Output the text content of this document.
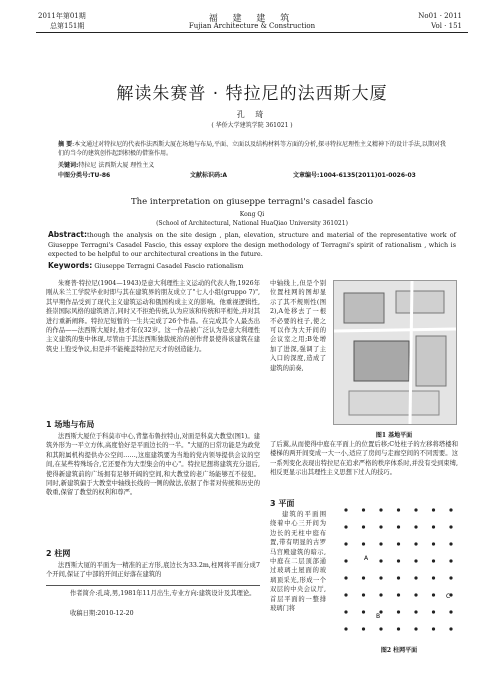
2011年第01期
总第151期
福 建 建 筑
Fujian Architecture & Construction
No01 · 2011
Vol · 151
解读朱赛普 · 特拉尼的法西斯大厦
孔 琦
( 华侨大学建筑学院 361021 )
摘 要:本文通过对特拉尼的代表作法西斯大厦在场地与布局,平面、立面以及结构材料等方面的分析,探寻特拉尼理性主义精神下的设计手法,以期对我们的当今的建筑创作起到积极的借鉴作用。
关键词:特拉尼 法西斯大厦 理性主义
中图分类号:TU-86	文献标识码:A	文章编号:1004-6135(2011)01-0026-03
The interpretation on giuseppe terragni's casadel fascio
Kong Qi
(School of Architectural, National HuaQiao University 361021)
Abstract:though the analysis on the site design , plan, elevation, structure and material of the representative work of Giuseppe Terragni's Casadel Fascio, this essay explore the design methodology of Terragni's spirit of rationalism , which is expected to be helpful to our architectural creations in the future.
Keywords: Giuseppe Terragni Casadel Fascio rationalism
朱赛普·特拉尼(1904—1943)是意大利理性主义运动的代表人物,1926年刚从米兰工学院毕业时即与其在建筑界的朋友成立了"七人小组(gruppo 7)",其早期作品受到了现代主义建筑运动和俄国构成主义的影响。他重视逻辑性,推崇国际风格的建筑语言,同时又不拒绝传统,认为应该和传统和平相处,并对其进行重新阐释。特拉尼短暂的一生共完成了26个作品。在完成其个人最杰出的作品——法西斯大厦时,他才年仅32岁。这一作品被广泛认为是意大利理性主义建筑的集中体现,尽管由于其法西斯独裁统治的创作背景使得该建筑在建筑史上饱受争议,但是并不能掩盖特拉尼天才的创造能力。
1 场地与布局
法西斯大厦位于科莫市中心,背靠布鲁拉特山,对面是科莫大教堂(图1)。建筑外形为一平立方体,高度恰好是平面边长的一半。"大厦的日常功能是为政党和其附属机构提供办公空间……,这座建筑要为当地的党内领导提供会议的空间,在某些特殊场合,它还要作为大型集会的中心"。特拉尼想将建筑充分退后,使得新建筑前的广场拥有足够开阔的空间,和大教堂的老广场能够互不侵犯。同时,新建筑偏于大教堂中轴线长线的一侧的做法,依据了作者对传统和历史的敬重,保留了教堂的权利和尊严。
2 柱网
法西斯大厦的平面为一精准的正方形,底边长为33.2m,柱网将平面分成7个开间,保证了中部的开间正好落在建筑的
作者简介:孔琦,男,1981年11月出生,专业方向:建筑设计及其理论。
收稿日期:2010-12-20
中轴线上,但是个别位置柱网的图却显示了其不规则性(图2),A处移去了一根不必要的柱子,使之可以作为大开间的会议室之用;B处增加了进深,强调了主入口的深度,造成了建筑的前奏,
图1 基地平面
了后翼,从而使得中庭在平面上的位置后移;C处柱子的左移将塔楼和楼梯的两开间变成一大一小,适应了房间与走廊空间的不同需要。这一系列变化表现出特拉尼在追求严格的秩序体系时,并没有受到束缚,相反更显示出其理性主义思想下过人的技巧。
3 平面
建筑的平面围绕着中心三开间为边长的无柱中庭布置,带有明显的古罗马宫殿建筑的暗示,中庭在二层顶部通过玻璃土屋面的玻璃顶采光,形成一个双层的中央会议厅,首层平面的一整排玻璃门将
A
B
C
图2 柱网平面
